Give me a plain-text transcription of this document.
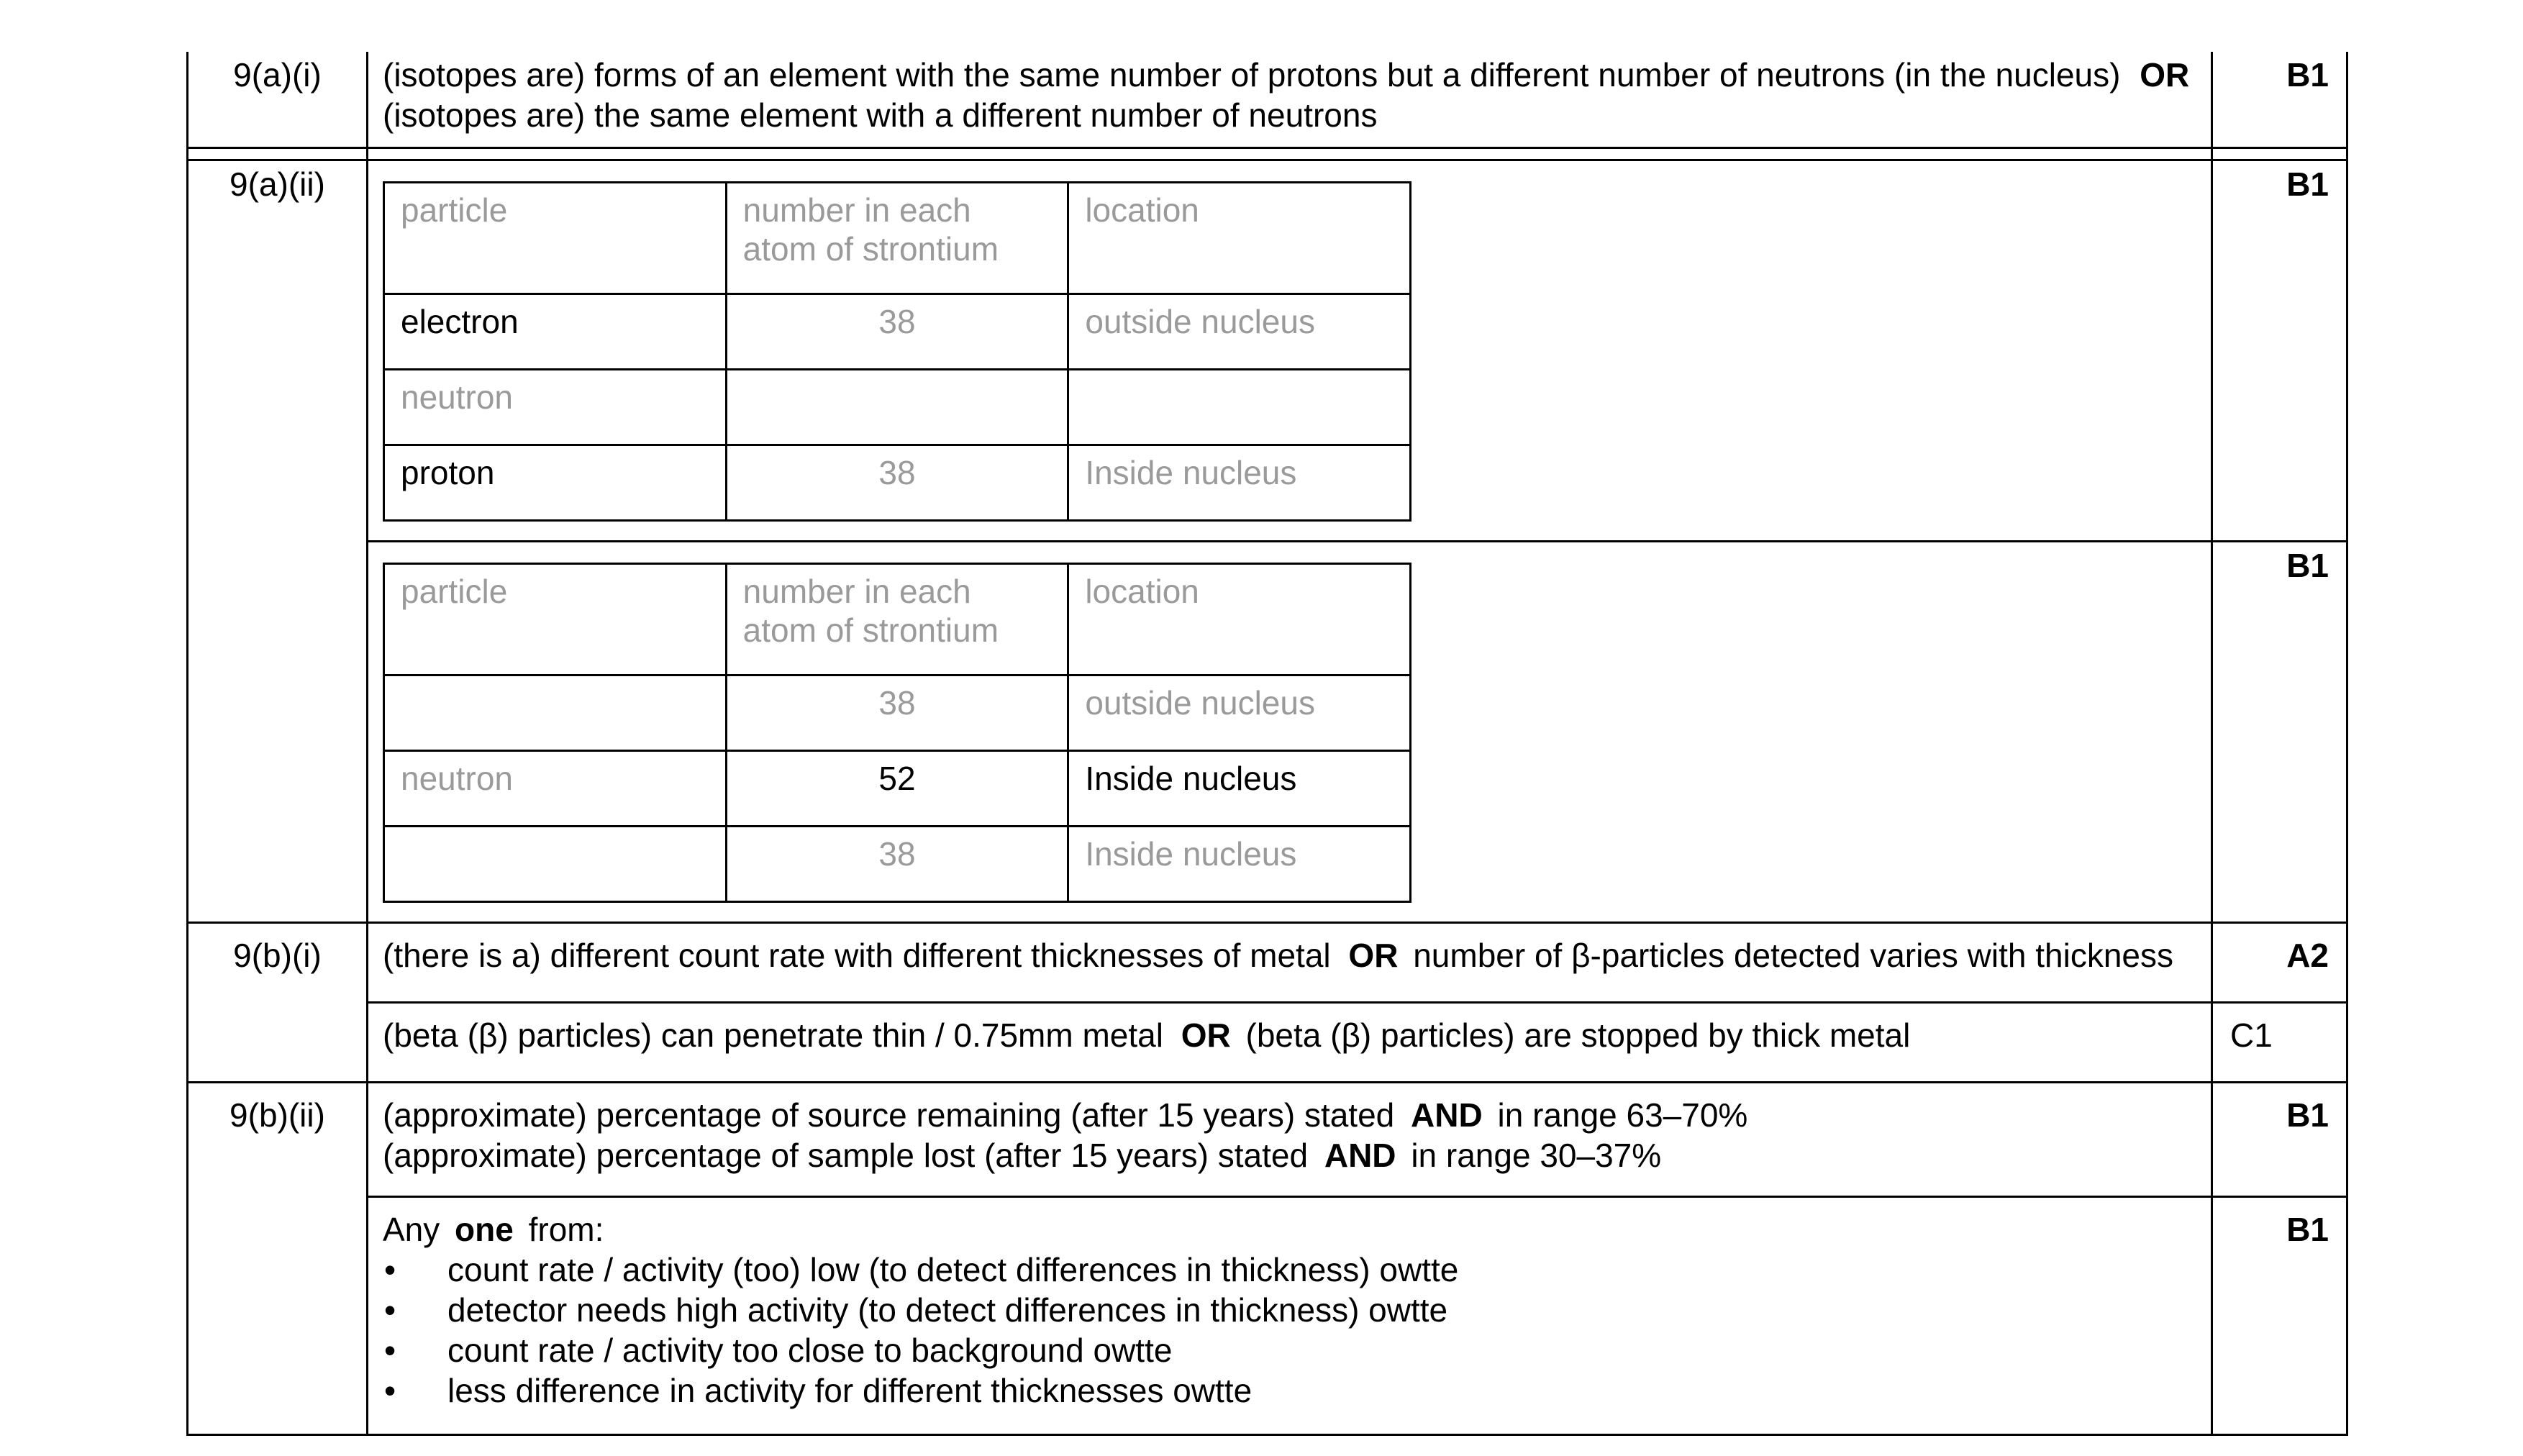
9(a)(i)	(isotopes are) forms of an element with the same number of protons but a different number of neutrons (in the nucleus) OR
(isotopes are) the same element with a different number of neutrons	B1

9(a)(ii)	
particle	number in each atom of strontium	location
electron	38	outside nucleus
neutron		
proton	38	Inside nucleus
	B1

particle	number in each atom of strontium	location
	38	outside nucleus
neutron	52	Inside nucleus
	38	Inside nucleus
	B1
9(b)(i)	(there is a) different count rate with different thicknesses of metal OR number of β-particles detected varies with thickness	A2
(beta (β) particles) can penetrate thin / 0.75mm metal OR (beta (β) particles) are stopped by thick metal	C1
9(b)(ii)	(approximate) percentage of source remaining (after 15 years) stated AND in range 63–70%
(approximate) percentage of sample lost (after 15 years) stated AND in range 30–37%	B1
Any one from:
• count rate / activity (too) low (to detect differences in thickness) owtte
• detector needs high activity (to detect differences in thickness) owtte
• count rate / activity too close to background owtte
• less difference in activity for different thicknesses owtte
	B1
